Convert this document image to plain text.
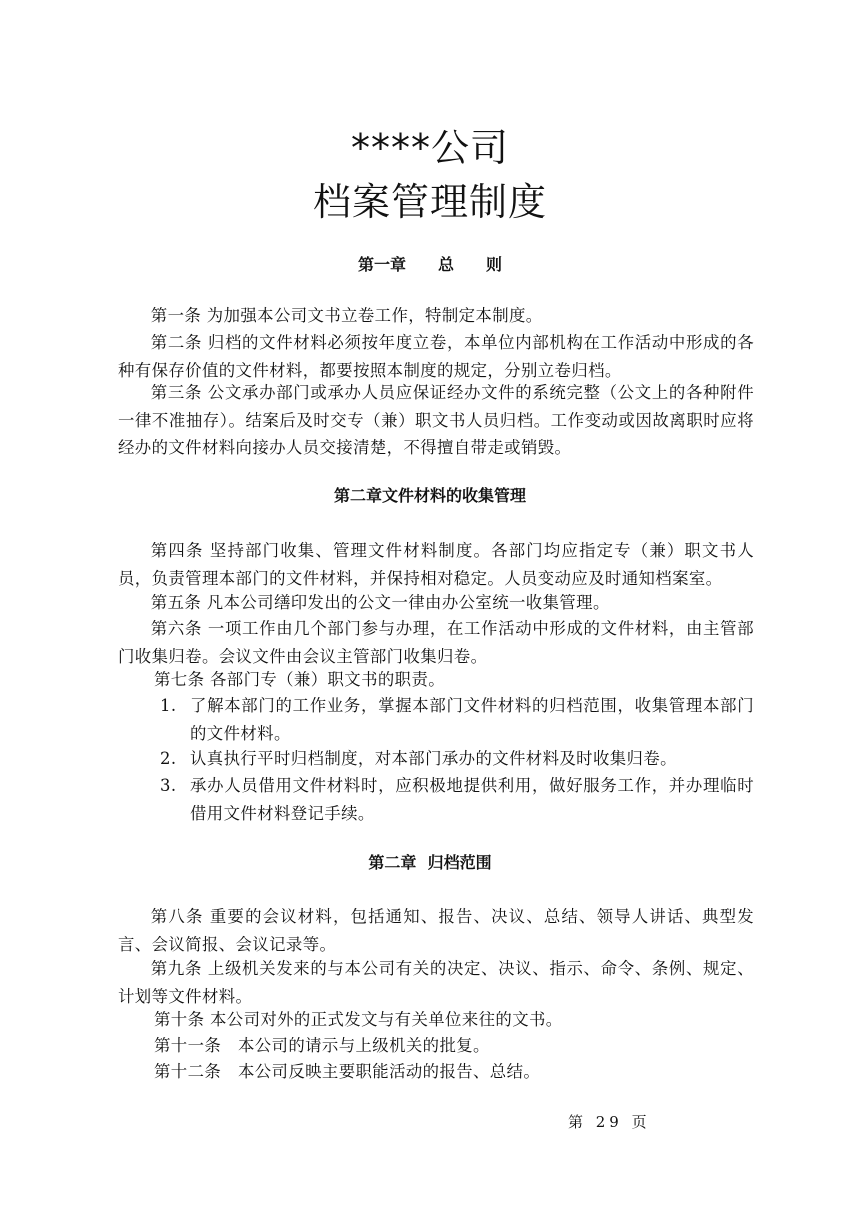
****公司
档案管理制度
第一章　　总　　则

第一条 为加强本公司文书立卷工作，特制定本制度。

第二条 归档的文件材料必须按年度立卷，本单位内部机构在工作活动中形成的各种有保存价值的文件材料，都要按照本制度的规定，分别立卷归档。

第三条 公文承办部门或承办人员应保证经办文件的系统完整（公文上的各种附件一律不准抽存）。结案后及时交专（兼）职文书人员归档。工作变动或因故离职时应将经办的文件材料向接办人员交接清楚，不得擅自带走或销毁。

第二章文件材料的收集管理

第四条 坚持部门收集、管理文件材料制度。各部门均应指定专（兼）职文书人员，负责管理本部门的文件材料，并保持相对稳定。人员变动应及时通知档案室。

第五条 凡本公司缮印发出的公文一律由办公室统一收集管理。

第六条 一项工作由几个部门参与办理，在工作活动中形成的文件材料，由主管部门收集归卷。会议文件由会议主管部门收集归卷。

第七条 各部门专（兼）职文书的职责。

1. 了解本部门的工作业务，掌握本部门文件材料的归档范围，收集管理本部门的文件材料。
2. 认真执行平时归档制度，对本部门承办的文件材料及时收集归卷。
3. 承办人员借用文件材料时，应积极地提供利用，做好服务工作，并办理临时借用文件材料登记手续。
第二章  归档范围

第八条 重要的会议材料，包括通知、报告、决议、总结、领导人讲话、典型发言、会议简报、会议记录等。

第九条 上级机关发来的与本公司有关的决定、决议、指示、命令、条例、规定、计划等文件材料。

第十条 本公司对外的正式发文与有关单位来往的文书。

第十一条　本公司的请示与上级机关的批复。

第十二条　本公司反映主要职能活动的报告、总结。

第 29 页
